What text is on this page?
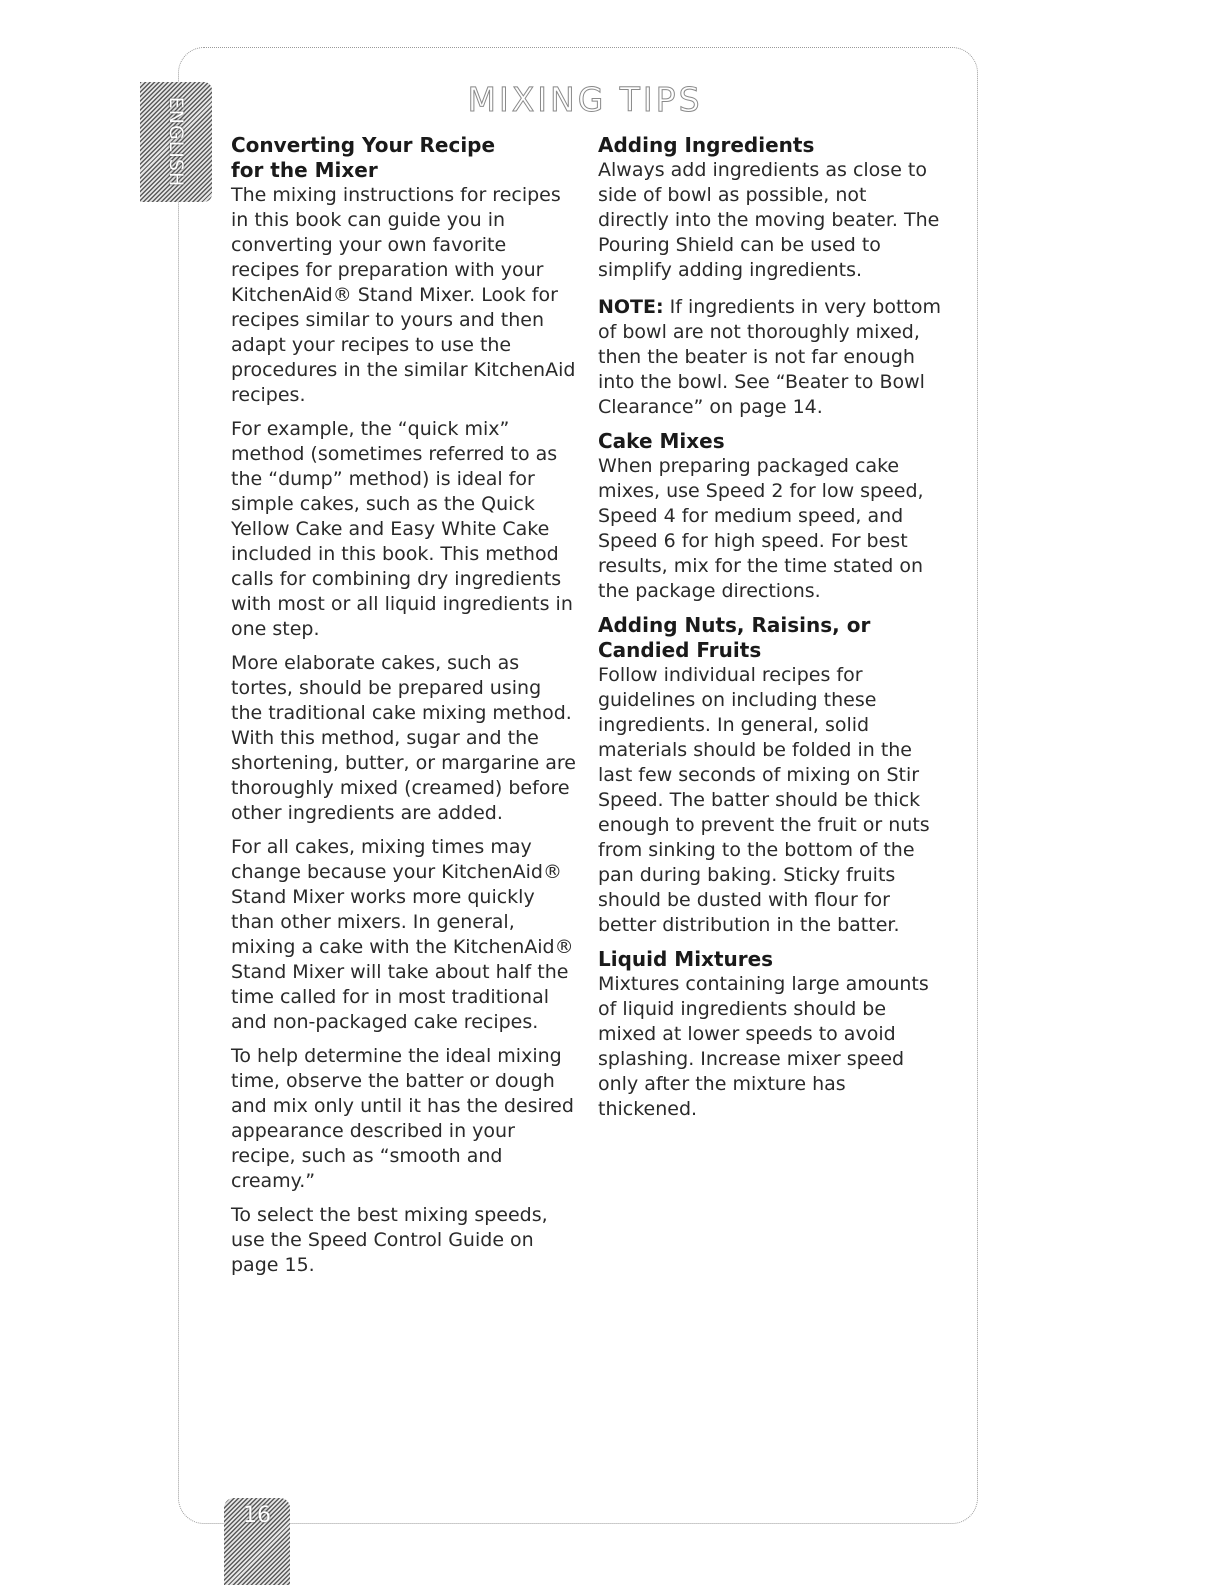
ENGLISH	MIXING TIPS
Converting Your Recipe
for the Mixer

The mixing instructions for recipes in this book can guide you in converting your own favorite recipes for preparation with your KitchenAid® Stand Mixer. Look for recipes similar to yours and then adapt your recipes to use the procedures in the similar KitchenAid recipes.

For example, the “quick mix” method (sometimes referred to as the “dump” method) is ideal for simple cakes, such as the Quick Yellow Cake and Easy White Cake included in this book. This method calls for combining dry ingredients with most or all liquid ingredients in one step.

More elaborate cakes, such as tortes, should be prepared using the traditional cake mixing method. With this method, sugar and the shortening, butter, or margarine are thoroughly mixed (creamed) before other ingredients are added.

For all cakes, mixing times may change because your KitchenAid® Stand Mixer works more quickly than other mixers. In general, mixing a cake with the KitchenAid® Stand Mixer will take about half the time called for in most traditional and non-packaged cake recipes.

To help determine the ideal mixing time, observe the batter or dough and mix only until it has the desired appearance described in your recipe, such as “smooth and creamy.”

To select the best mixing speeds, use the Speed Control Guide on page 15.

Adding Ingredients

Always add ingredients as close to side of bowl as possible, not directly into the moving beater. The Pouring Shield can be used to simplify adding ingredients.

NOTE: If ingredients in very bottom of bowl are not thoroughly mixed, then the beater is not far enough into the bowl. See “Beater to Bowl Clearance” on page 14.

Cake Mixes

When preparing packaged cake mixes, use Speed 2 for low speed, Speed 4 for medium speed, and Speed 6 for high speed. For best results, mix for the time stated on the package directions.

Adding Nuts, Raisins, or
Candied Fruits

Follow individual recipes for guidelines on including these ingredients. In general, solid materials should be folded in the last few seconds of mixing on Stir Speed. The batter should be thick enough to prevent the fruit or nuts from sinking to the bottom of the pan during baking. Sticky fruits should be dusted with flour for better distribution in the batter.

Liquid Mixtures

Mixtures containing large amounts of liquid ingredients should be mixed at lower speeds to avoid splashing. Increase mixer speed only after the mixture has thickened.

16
